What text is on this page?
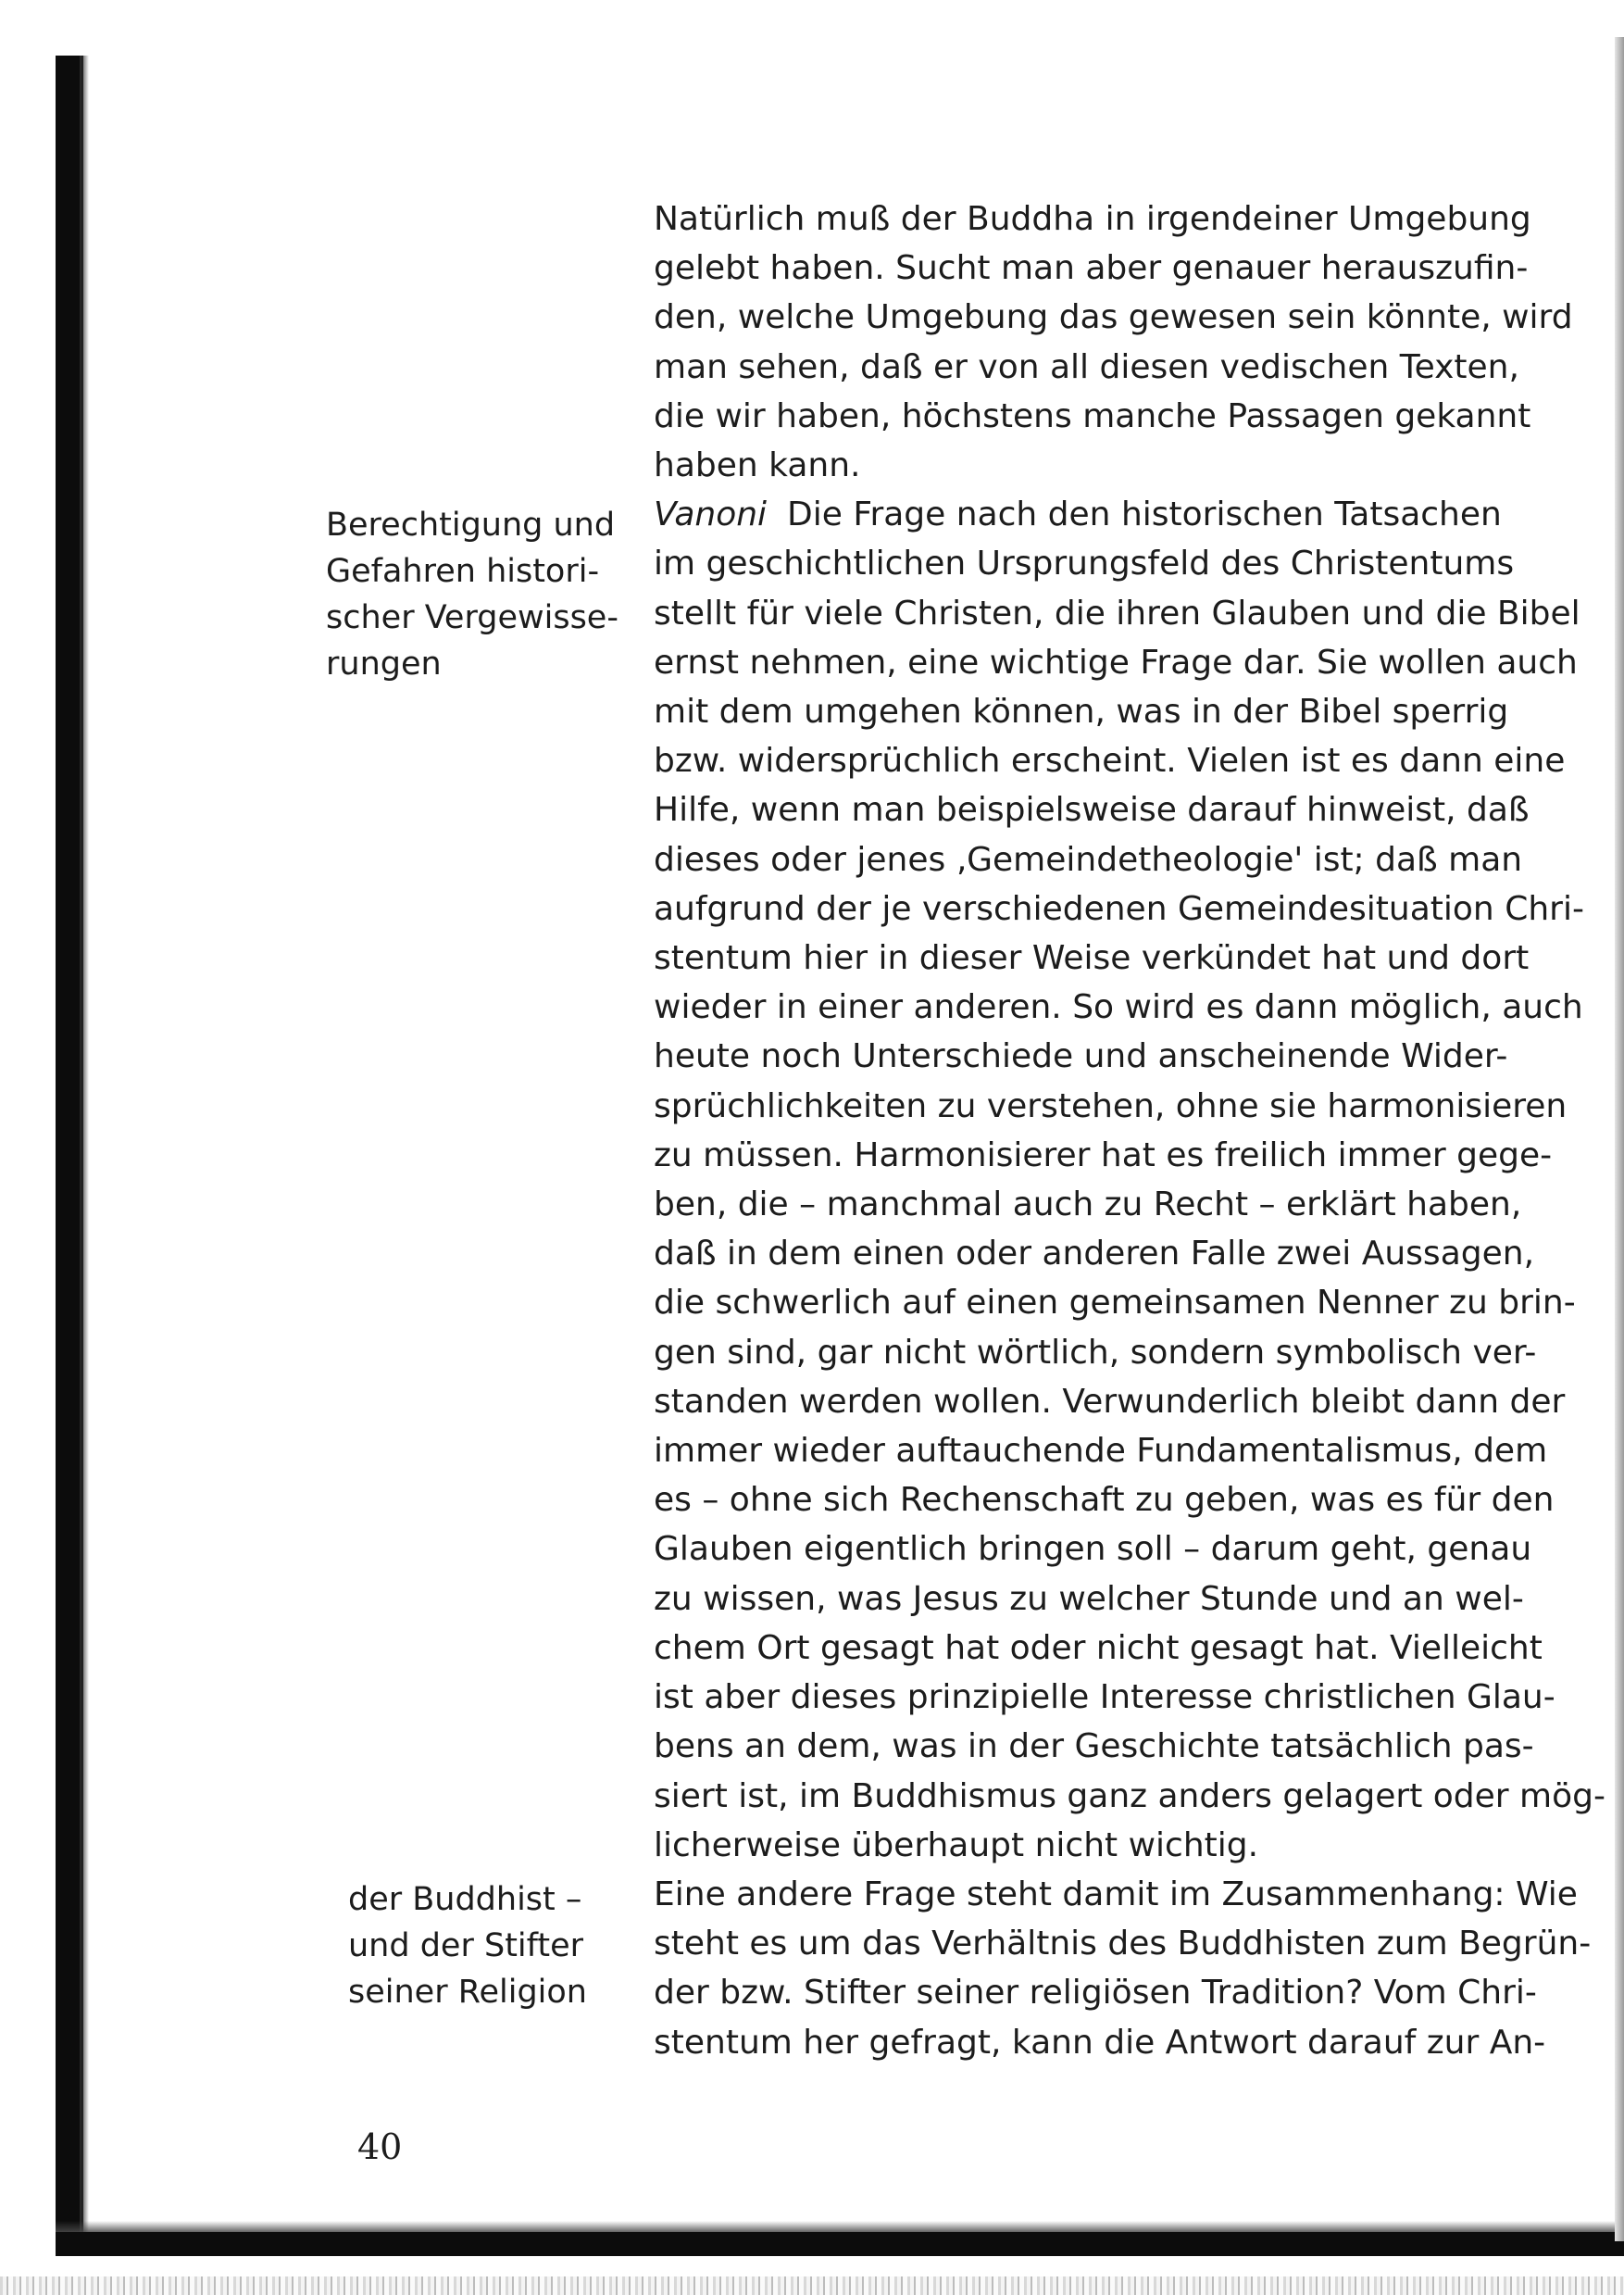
Berechtigung und
Gefahren histori-
scher Vergewisse-
rungen
der Buddhist –
und der Stifter
seiner Religion
Natürlich muß der Buddha in irgendeiner Umgebung
gelebt haben. Sucht man aber genauer herauszufin-
den, welche Umgebung das gewesen sein könnte, wird
man sehen, daß er von all diesen vedischen Texten,
die wir haben, höchstens manche Passagen gekannt
haben kann.
Vanoni Die Frage nach den historischen Tatsachen
im geschichtlichen Ursprungsfeld des Christentums
stellt für viele Christen, die ihren Glauben und die Bibel
ernst nehmen, eine wichtige Frage dar. Sie wollen auch
mit dem umgehen können, was in der Bibel sperrig
bzw. widersprüchlich erscheint. Vielen ist es dann eine
Hilfe, wenn man beispielsweise darauf hinweist, daß
dieses oder jenes ‚Gemeindetheologie' ist; daß man
aufgrund der je verschiedenen Gemeindesituation Chri-
stentum hier in dieser Weise verkündet hat und dort
wieder in einer anderen. So wird es dann möglich, auch
heute noch Unterschiede und anscheinende Wider-
sprüchlichkeiten zu verstehen, ohne sie harmonisieren
zu müssen. Harmonisierer hat es freilich immer gege-
ben, die – manchmal auch zu Recht – erklärt haben,
daß in dem einen oder anderen Falle zwei Aussagen,
die schwerlich auf einen gemeinsamen Nenner zu brin-
gen sind, gar nicht wörtlich, sondern symbolisch ver-
standen werden wollen. Verwunderlich bleibt dann der
immer wieder auftauchende Fundamentalismus, dem
es – ohne sich Rechenschaft zu geben, was es für den
Glauben eigentlich bringen soll – darum geht, genau
zu wissen, was Jesus zu welcher Stunde und an wel-
chem Ort gesagt hat oder nicht gesagt hat. Vielleicht
ist aber dieses prinzipielle Interesse christlichen Glau-
bens an dem, was in der Geschichte tatsächlich pas-
siert ist, im Buddhismus ganz anders gelagert oder mög-
licherweise überhaupt nicht wichtig.
Eine andere Frage steht damit im Zusammenhang: Wie
steht es um das Verhältnis des Buddhisten zum Begrün-
der bzw. Stifter seiner religiösen Tradition? Vom Chri-
stentum her gefragt, kann die Antwort darauf zur An-

40
